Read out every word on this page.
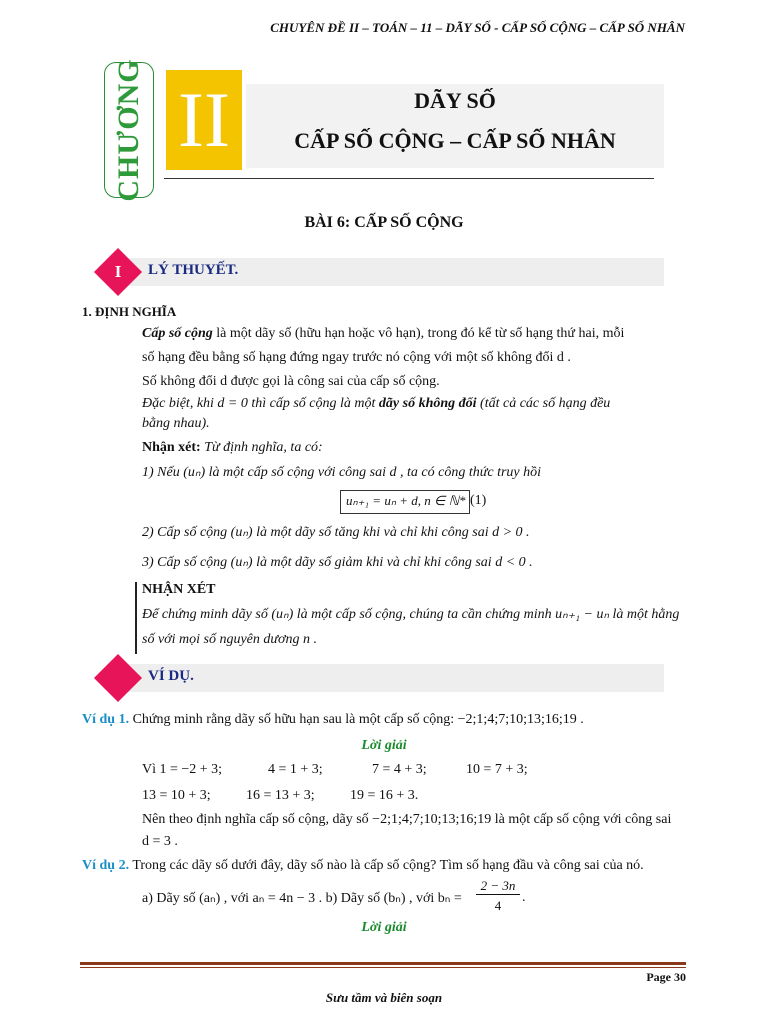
CHUYÊN ĐỀ II – TOÁN – 11 – DÃY SỐ - CẤP SỐ CỘNG – CẤP SỐ NHÂN
CHƯƠNG II	DÃY SỐ
CẤP SỐ CỘNG – CẤP SỐ NHÂN
BÀI 6: CẤP SỐ CỘNG
I	LÝ THUYẾT.
1. ĐỊNH NGHĨA
Cấp số cộng là một dãy số (hữu hạn hoặc vô hạn), trong đó kể từ số hạng thứ hai, mỗi
số hạng đều bằng số hạng đứng ngay trước nó cộng với một số không đổi d .
Số không đổi d được gọi là công sai của cấp số cộng.
Đặc biệt, khi d = 0 thì cấp số cộng là một dãy số không đổi (tất cả các số hạng đều
bằng nhau).
Nhận xét: Từ định nghĩa, ta có:
1) Nếu (uₙ) là một cấp số cộng với công sai d , ta có công thức truy hồi
uₙ₊₁ = uₙ + d, n ∈ ℕ* (1)
2) Cấp số cộng (uₙ) là một dãy số tăng khi và chỉ khi công sai d > 0 .
3) Cấp số cộng (uₙ) là một dãy số giảm khi và chỉ khi công sai d < 0 .
NHẬN XÉT
Để chứng minh dãy số (uₙ) là một cấp số cộng, chúng ta cần chứng minh uₙ₊₁ − uₙ là một hằng
số với mọi số nguyên dương n .
VÍ DỤ.
Ví dụ 1. Chứng minh rằng dãy số hữu hạn sau là một cấp số cộng: −2;1;4;7;10;13;16;19 .
Lời giải
Vì 1 = −2 + 3;	4 = 1 + 3;	7 = 4 + 3;	10 = 7 + 3;
13 = 10 + 3;	16 = 13 + 3;	19 = 16 + 3.
Nên theo định nghĩa cấp số cộng, dãy số −2;1;4;7;10;13;16;19 là một cấp số cộng với công sai
d = 3 .
Ví dụ 2. Trong các dãy số dưới đây, dãy số nào là cấp số cộng? Tìm số hạng đầu và công sai của nó.
a) Dãy số (aₙ) , với aₙ = 4n − 3 . b) Dãy số (bₙ) , với bₙ =
2 − 3n
4
.
Lời giải
Page 30
Sưu tầm và biên soạn
